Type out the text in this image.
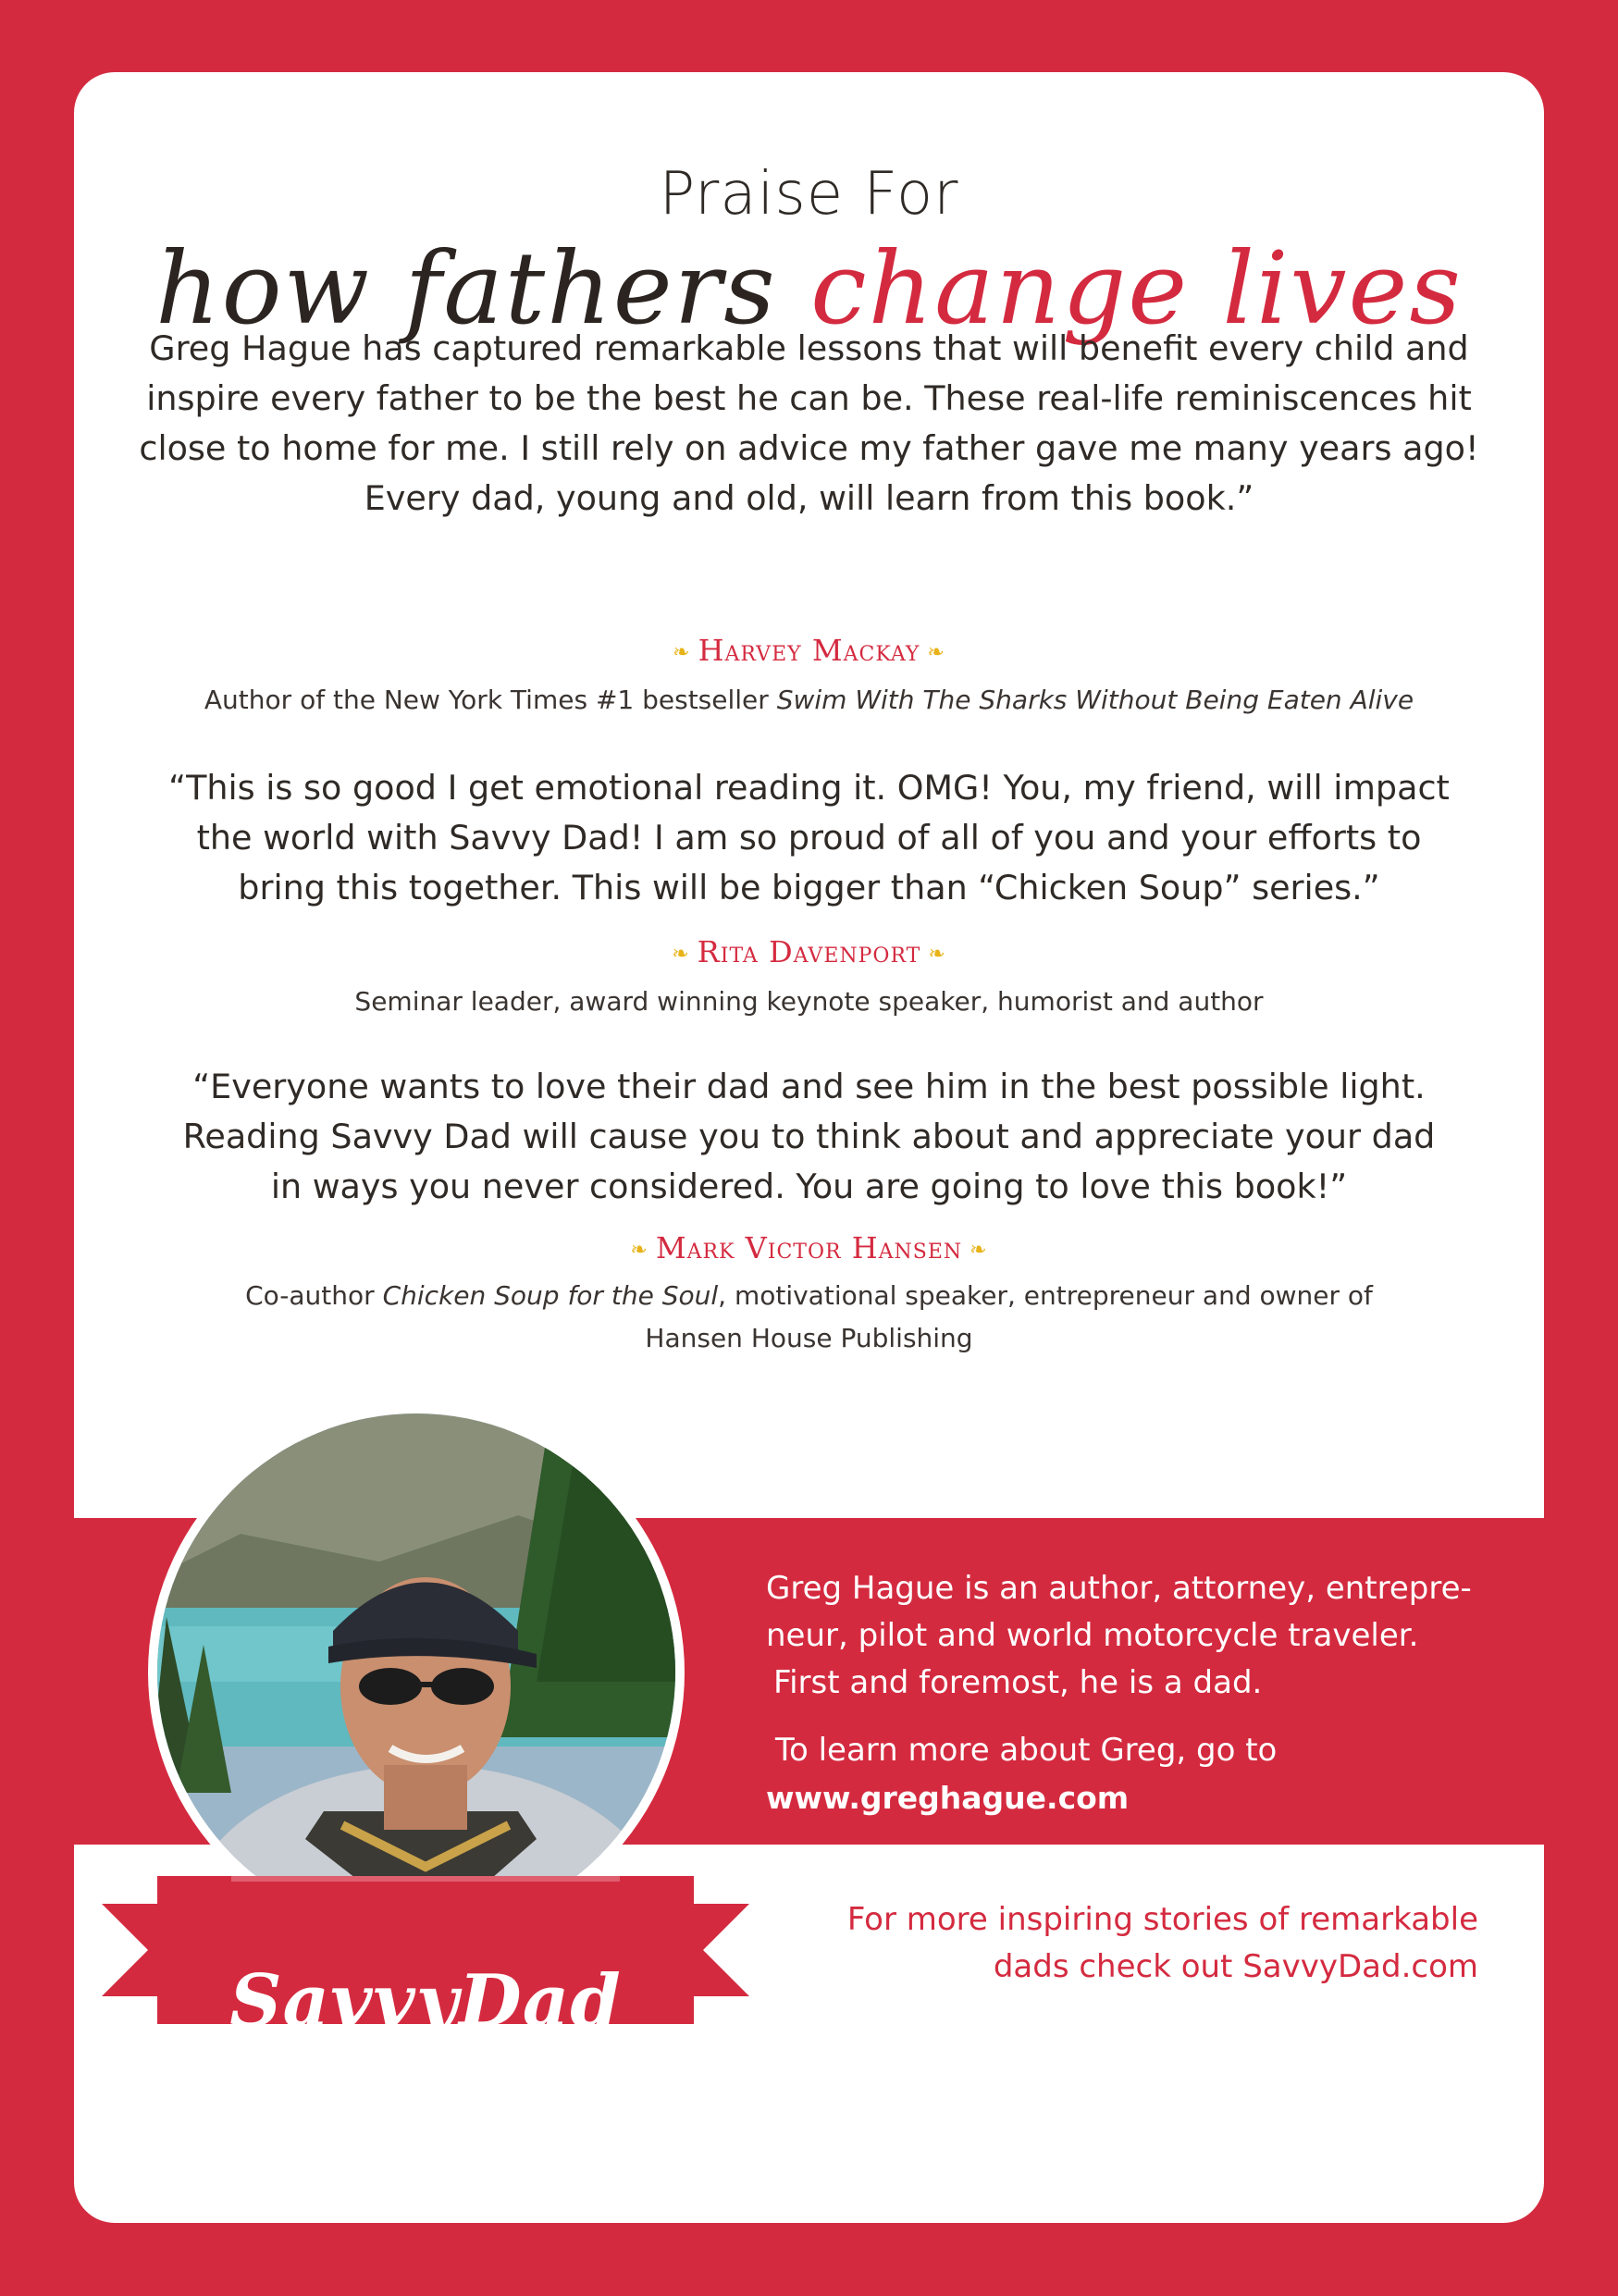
Praise For
how fathers change lives
Greg Hague has captured remarkable lessons that will benefit every child and
inspire every father to be the best he can be. These real-life reminiscences hit
close to home for me. I still rely on advice my father gave me many years ago!
Every dad, young and old, will learn from this book.”
❧ Harvey Mackay ❧
Author of the New York Times #1 bestseller Swim With The Sharks Without Being Eaten Alive
“This is so good I get emotional reading it. OMG! You, my friend, will impact
the world with Savvy Dad! I am so proud of all of you and your efforts to
bring this together. This will be bigger than “Chicken Soup” series.”
❧ Rita Davenport ❧
Seminar leader, award winning keynote speaker, humorist and author
“Everyone wants to love their dad and see him in the best possible light.
Reading Savvy Dad will cause you to think about and appreciate your dad
in ways you never considered. You are going to love this book!”
❧ Mark Victor Hansen ❧
Co-author Chicken Soup for the Soul, motivational speaker, entrepreneur and owner of
Hansen House Publishing

Greg Hague is an author, attorney, entrepre-

neur, pilot and world motorcycle traveler.

First and foremost, he is a dad.

To learn more about Greg, go to

www.greghague.com

SavvyDad
For more inspiring stories of remarkable
dads check out SavvyDad.com
